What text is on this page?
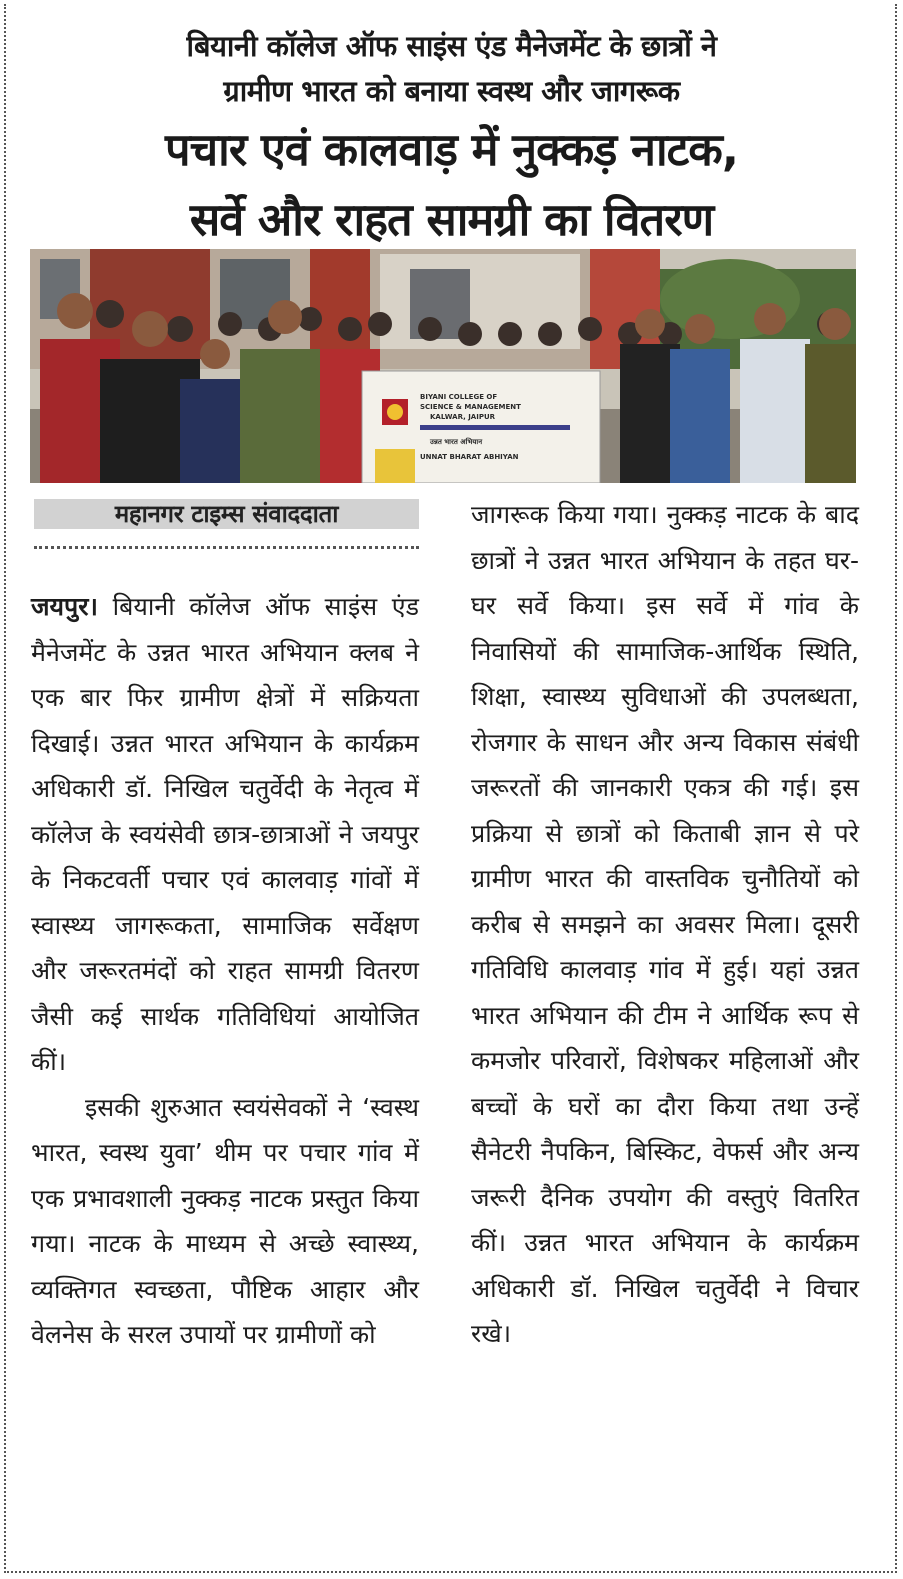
बियानी कॉलेज ऑफ साइंस एंड मैनेजमेंट के छात्रों ने
ग्रामीण भारत को बनाया स्वस्थ और जागरूक
पचार एवं कालवाड़ में नुक्कड़ नाटक,
सर्वे और राहत सामग्री का वितरण
BIYANI COLLEGE OF
SCIENCE & MANAGEMENT
KALWAR, JAIPUR
उन्नत भारत अभियान
UNNAT BHARAT ABHIYAN
महानगर टाइम्स संवाददाता

जयपुर। बियानी कॉलेज ऑफ साइंस एंड मैनेजमेंट के उन्नत भारत अभियान क्लब ने एक बार फिर ग्रामीण क्षेत्रों में सक्रियता दिखाई। उन्नत भारत अभियान के कार्यक्रम अधिकारी डॉ. निखिल चतुर्वेदी के नेतृत्व में कॉलेज के स्वयंसेवी छात्र-छात्राओं ने जयपुर के निकटवर्ती पचार एवं कालवाड़ गांवों में स्वास्थ्य जागरूकता, सामाजिक सर्वेक्षण और जरूरतमंदों को राहत सामग्री वितरण जैसी कई सार्थक गतिविधियां आयोजित कीं।

इसकी शुरुआत स्वयंसेवकों ने ‘स्वस्थ भारत, स्वस्थ युवा’ थीम पर पचार गांव में एक प्रभावशाली नुक्कड़ नाटक प्रस्तुत किया गया। नाटक के माध्यम से अच्छे स्वास्थ्य, व्यक्तिगत स्वच्छता, पौष्टिक आहार और वेलनेस के सरल उपायों पर ग्रामीणों को

जागरूक किया गया। नुक्कड़ नाटक के बाद छात्रों ने उन्नत भारत अभियान के तहत घर-घर सर्वे किया। इस सर्वे में गांव के निवासियों की सामाजिक-आर्थिक स्थिति, शिक्षा, स्वास्थ्य सुविधाओं की उपलब्धता, रोजगार के साधन और अन्य विकास संबंधी जरूरतों की जानकारी एकत्र की गई। इस प्रक्रिया से छात्रों को किताबी ज्ञान से परे ग्रामीण भारत की वास्तविक चुनौतियों को करीब से समझने का अवसर मिला। दूसरी गतिविधि कालवाड़ गांव में हुई। यहां उन्नत भारत अभियान की टीम ने आर्थिक रूप से कमजोर परिवारों, विशेषकर महिलाओं और बच्चों के घरों का दौरा किया तथा उन्हें सैनेटरी नैपकिन, बिस्किट, वेफर्स और अन्य जरूरी दैनिक उपयोग की वस्तुएं वितरित कीं। उन्नत भारत अभियान के कार्यक्रम अधिकारी डॉ. निखिल चतुर्वेदी ने विचार रखे।
